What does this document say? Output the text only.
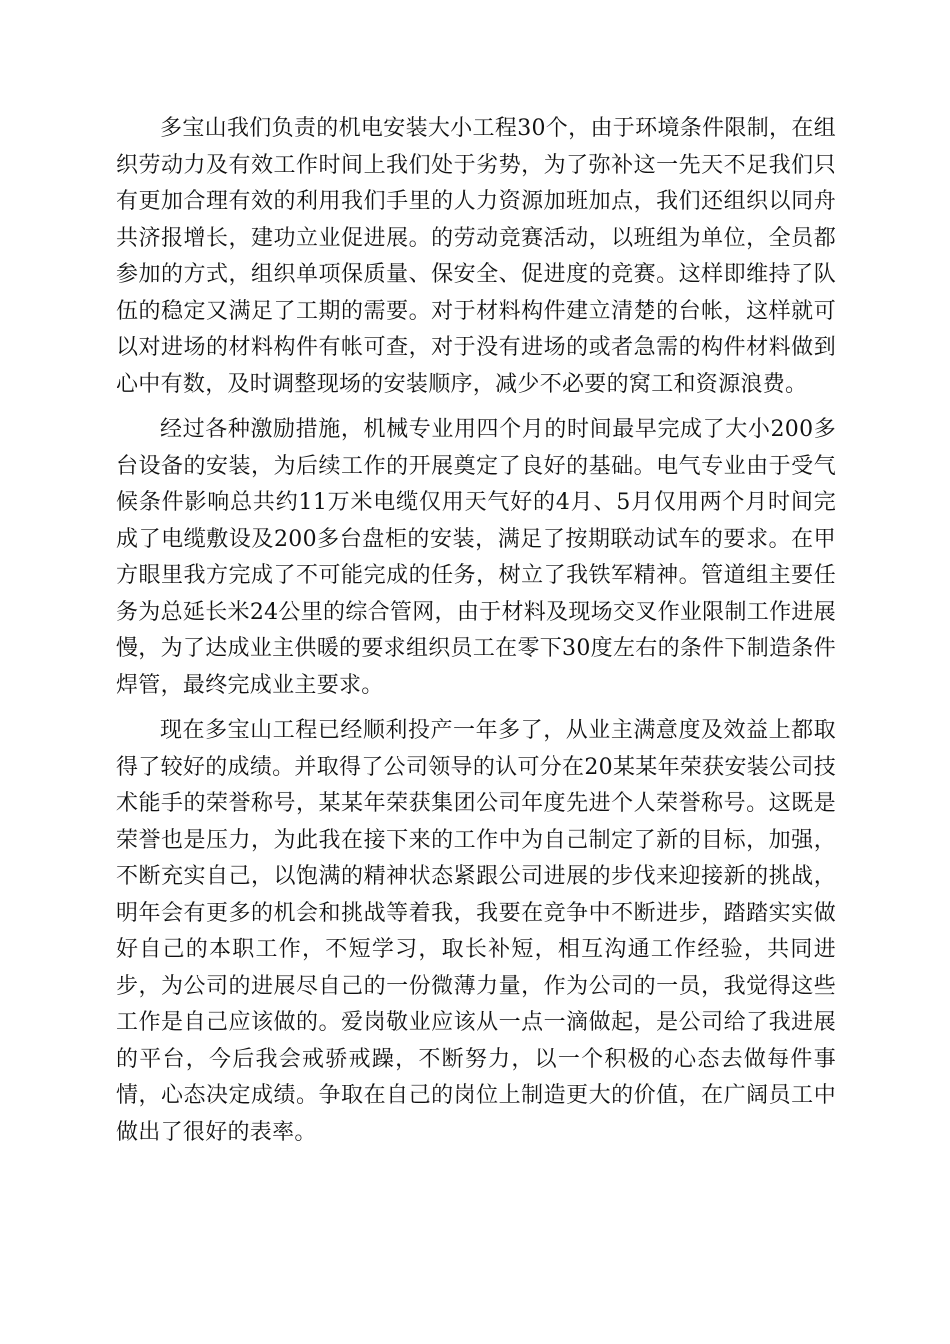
多宝山我们负责的机电安装大小工程30个，由于环境条件限制，在组织劳动力及有效工作时间上我们处于劣势，为了弥补这一先天不足我们只有更加合理有效的利用我们手里的人力资源加班加点，我们还组织以同舟共济报增长，建功立业促进展。的劳动竞赛活动，以班组为单位，全员都参加的方式，组织单项保质量、保安全、促进度的竞赛。这样即维持了队伍的稳定又满足了工期的需要。对于材料构件建立清楚的台帐，这样就可以对进场的材料构件有帐可查，对于没有进场的或者急需的构件材料做到心中有数，及时调整现场的安装顺序，减少不必要的窝工和资源浪费。

经过各种激励措施，机械专业用四个月的时间最早完成了大小200多台设备的安装，为后续工作的开展奠定了良好的基础。电气专业由于受气候条件影响总共约11万米电缆仅用天气好的4月、5月仅用两个月时间完成了电缆敷设及200多台盘柜的安装，满足了按期联动试车的要求。在甲方眼里我方完成了不可能完成的任务，树立了我铁军精神。管道组主要任务为总延长米24公里的综合管网，由于材料及现场交叉作业限制工作进展慢，为了达成业主供暖的要求组织员工在零下30度左右的条件下制造条件焊管，最终完成业主要求。

现在多宝山工程已经顺利投产一年多了，从业主满意度及效益上都取得了较好的成绩。并取得了公司领导的认可分在20某某年荣获安装公司技术能手的荣誉称号，某某年荣获集团公司年度先进个人荣誉称号。这既是荣誉也是压力，为此我在接下来的工作中为自己制定了新的目标，加强，不断充实自己，以饱满的精神状态紧跟公司进展的步伐来迎接新的挑战，明年会有更多的机会和挑战等着我，我要在竞争中不断进步，踏踏实实做好自己的本职工作，不短学习，取长补短，相互沟通工作经验，共同进步，为公司的进展尽自己的一份微薄力量，作为公司的一员，我觉得这些工作是自己应该做的。爱岗敬业应该从一点一滴做起，是公司给了我进展的平台，今后我会戒骄戒躁，不断努力，以一个积极的心态去做每件事情，心态决定成绩。争取在自己的岗位上制造更大的价值，在广阔员工中做出了很好的表率。
